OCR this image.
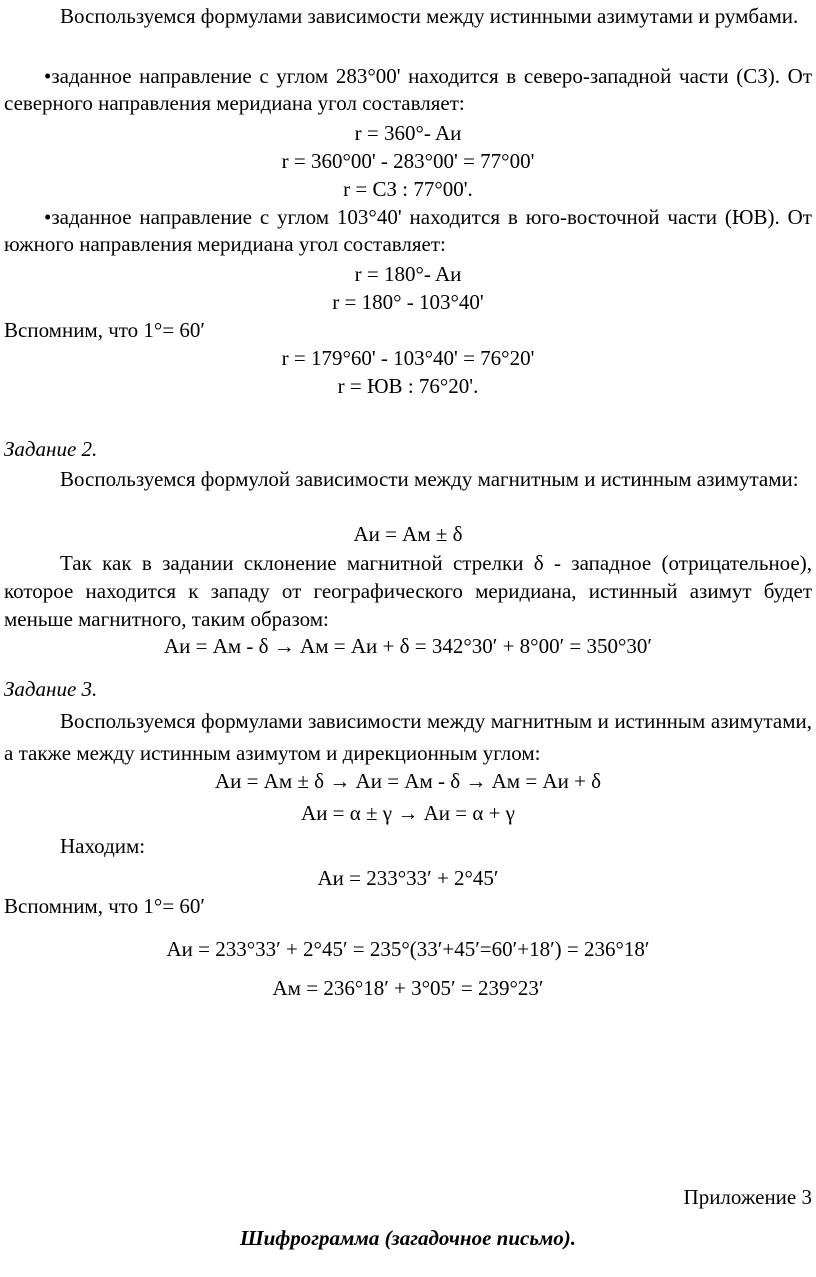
Воспользуемся формулами зависимости между истинными азимутами и румбами.

•заданное направление с углом 283°00' находится в северо-западной части (СЗ). От северного направления меридиана угол составляет:

r = 360°- Aи

r = 360°00' - 283°00' = 77°00'

r = СЗ : 77°00'.

•заданное направление с углом 103°40' находится в юго-восточной части (ЮВ). От южного направления меридиана угол составляет:

r = 180°- Aи

r = 180° - 103°40'

Вспомним, что 1°= 60′

r = 179°60' - 103°40' = 76°20'

r = ЮВ : 76°20'.

Задание 2.

Воспользуемся формулой зависимости между магнитным и истинным азимутами:

Aи = Aм ± δ

Так как в задании склонение магнитной стрелки δ - западное (отрицательное), которое находится к западу от географического меридиана, истинный азимут будет меньше магнитного, таким образом:

Aи = Aм - δ → Aм = Aи + δ = 342°30′ + 8°00′ = 350°30′

Задание 3.

Воспользуемся формулами зависимости между магнитным и истинным азимутами, а также между истинным азимутом и дирекционным углом:

Aи = Aм ± δ → Aи = Aм - δ → Aм = Aи + δ

Aи = α ± γ → Aи = α + γ

Находим:

Aи = 233°33′ + 2°45′

Вспомним, что 1°= 60′

Aи = 233°33′ + 2°45′ = 235°(33′+45′=60′+18′) = 236°18′

Aм = 236°18′ + 3°05′ = 239°23′

Приложение 3

Шифрограмма (загадочное письмо).
